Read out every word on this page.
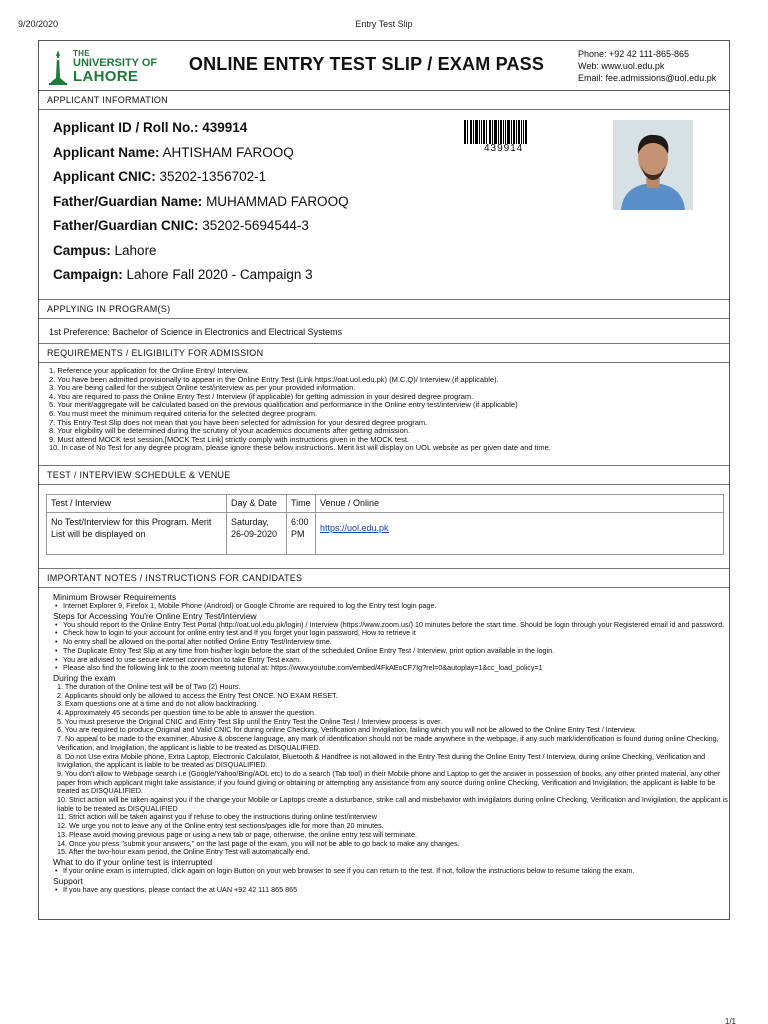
9/20/2020	Entry Test Slip
THE
UNIVERSITY OF
LAHORE
ONLINE ENTRY TEST SLIP / EXAM PASS	Phone: +92 42 111-865-865
Web: www.uol.edu.pk
Email: fee.admissions@uol.edu.pk
APPLICANT INFORMATION
Applicant ID / Roll No.: 439914
Applicant Name: AHTISHAM FAROOQ
Applicant CNIC: 35202-1356702-1
Father/Guardian Name: MUHAMMAD FAROOQ
Father/Guardian CNIC: 35202-5694544-3
Campus: Lahore
Campaign: Lahore Fall 2020 - Campaign 3
439914
APPLYING IN PROGRAM(S)
1st Preference: Bachelor of Science in Electronics and Electrical Systems
REQUIREMENTS / ELIGIBILITY FOR ADMISSION
1. Reference your application for the Online Entry/ Interview.
2. You have been admitted provisionally to appear in the Online Entry Test (Link https://oat.uol.edu.pk) (M.C.Q)/ Interview (if applicable).
3. You are being called for the subject Online test/interview as per your provided information.
4. You are required to pass the Online Entry Test / Interview (if applicable) for getting admission in your desired degree program.
5. Your merit/aggregate will be calculated based on the previous qualification and performance in the Online entry test/interview (if applicable)
6. You must meet the minimum required criteria for the selected degree program.
7. This Entry Test Slip does not mean that you have been selected for admission for your desired degree program.
8. Your eligibility will be determined during the scrutiny of your academics documents after getting admission.
9. Must attend MOCK test session,[MOCK Test Link] strictly comply with instructions given in the MOCK test.
10. In case of No Test for any degree program, please ignore these below instructions. Merit list will display on UOL website as per given date and time.
TEST / INTERVIEW SCHEDULE & VENUE
Test / Interview	Day & Date	Time	Venue / Online
No Test/Interview for this Program. Merit List will be displayed on	Saturday, 26-09-2020	6:00 PM	https://uol.edu.pk
IMPORTANT NOTES / INSTRUCTIONS FOR CANDIDATES
Minimum Browser Requirements
• Internet Explorer 9, Firefox 1, Mobile Phone (Android) or Google Chrome are required to log the Entry test login page.
Steps for Accessing You're Online Entry Test/Interview
• You should report to the Online Entry Test Portal (http://oat.uol.edu.pk/login) / Interview (https://www.zoom.us/) 10 minutes before the start time. Should be login through your Registered email id and password.
• Check how to login to your account for online entry test and If you forget your login password, How to retrieve it
• No entry shall be allowed on the portal after notified Online Entry Test/Interview time.
• The Duplicate Entry Test Slip at any time from his/her login before the start of the scheduled Online Entry Test / Interview, print option available in the login.
• You are advised to use secure internet connection to take Entry Test exam.
• Please also find the following link to the zoom meeting tutorial at: https://www.youtube.com/embed/4FkAEoCF7Ig?rel=0&autoplay=1&cc_load_policy=1
During the exam
1. The duration of the Online test will be of Two (2) Hours.
2. Applicants should only be allowed to access the Entry Test ONCE. NO EXAM RESET.
3. Exam questions one at a time and do not allow backtracking.
4. Approximately 45 seconds per question time to be able to answer the question.
5. You must preserve the Original CNIC and Entry Test Slip until the Entry Test the Online Test / Interview process is over.
6. You are required to produce Original and Valid CNIC for during online Checking, Verification and Invigilation, failing which you will not be allowed to the Online Entry Test / Interview.
7. No appeal to be made to the examiner, Abusive & obscene language, any mark of identification should not be made anywhere in the webpage, if any such mark/identification is found during online Checking, Verification, and Invigilation, the applicant is liable to be treated as DISQUALIFIED.
8. Do not Use extra Mobile phone, Extra Laptop, Electronic Calculator, Bluetooth & Handfree is not allowed in the Entry Test during the Online Entry Test / Interview, during online Checking, Verification and Invigilation, the applicant is liable to be treated as DISQUALIFIED.
9. You don't allow to Webpage search i.e (Google/Yahoo/Bing/AOL etc) to do a search (Tab tool) in their Mobile phone and Laptop to get the answer in possession of books, any other printed material, any other paper from which applicant might take assistance, if you found giving or obtaining or attempting any assistance from any source during online Checking, Verification and Invigilation, the applicant is liable to be treated as DISQUALIFIED.
10. Strict action will be taken against you if the change your Mobile or Laptops create a disturbance, strike call and misbehavior with invigilators during online Checking, Verification and Invigilation, the applicant is liable to be treated as DISQUALIFIED
11. Strict action will be taken against you if refuse to obey the instructions during online test/interview
12. We urge you not to leave any of the Online entry test sections/pages idle for more than 20 minutes.
13. Please avoid moving previous page or using a new tab or page, otherwise, the online entry test will terminate.
14. Once you press "submit your answers," on the last page of the exam, you will not be able to go back to make any changes.
15. After the two-hour exam period, the Online Entry Test will automatically end.
What to do if your online test is interrupted
• If your online exam is interrupted, click again on login Button on your web browser to see if you can return to the test. If not, follow the instructions below to resume taking the exam.
Support
• If you have any questions, please contact the at UAN +92 42 111 865 865
1/1
